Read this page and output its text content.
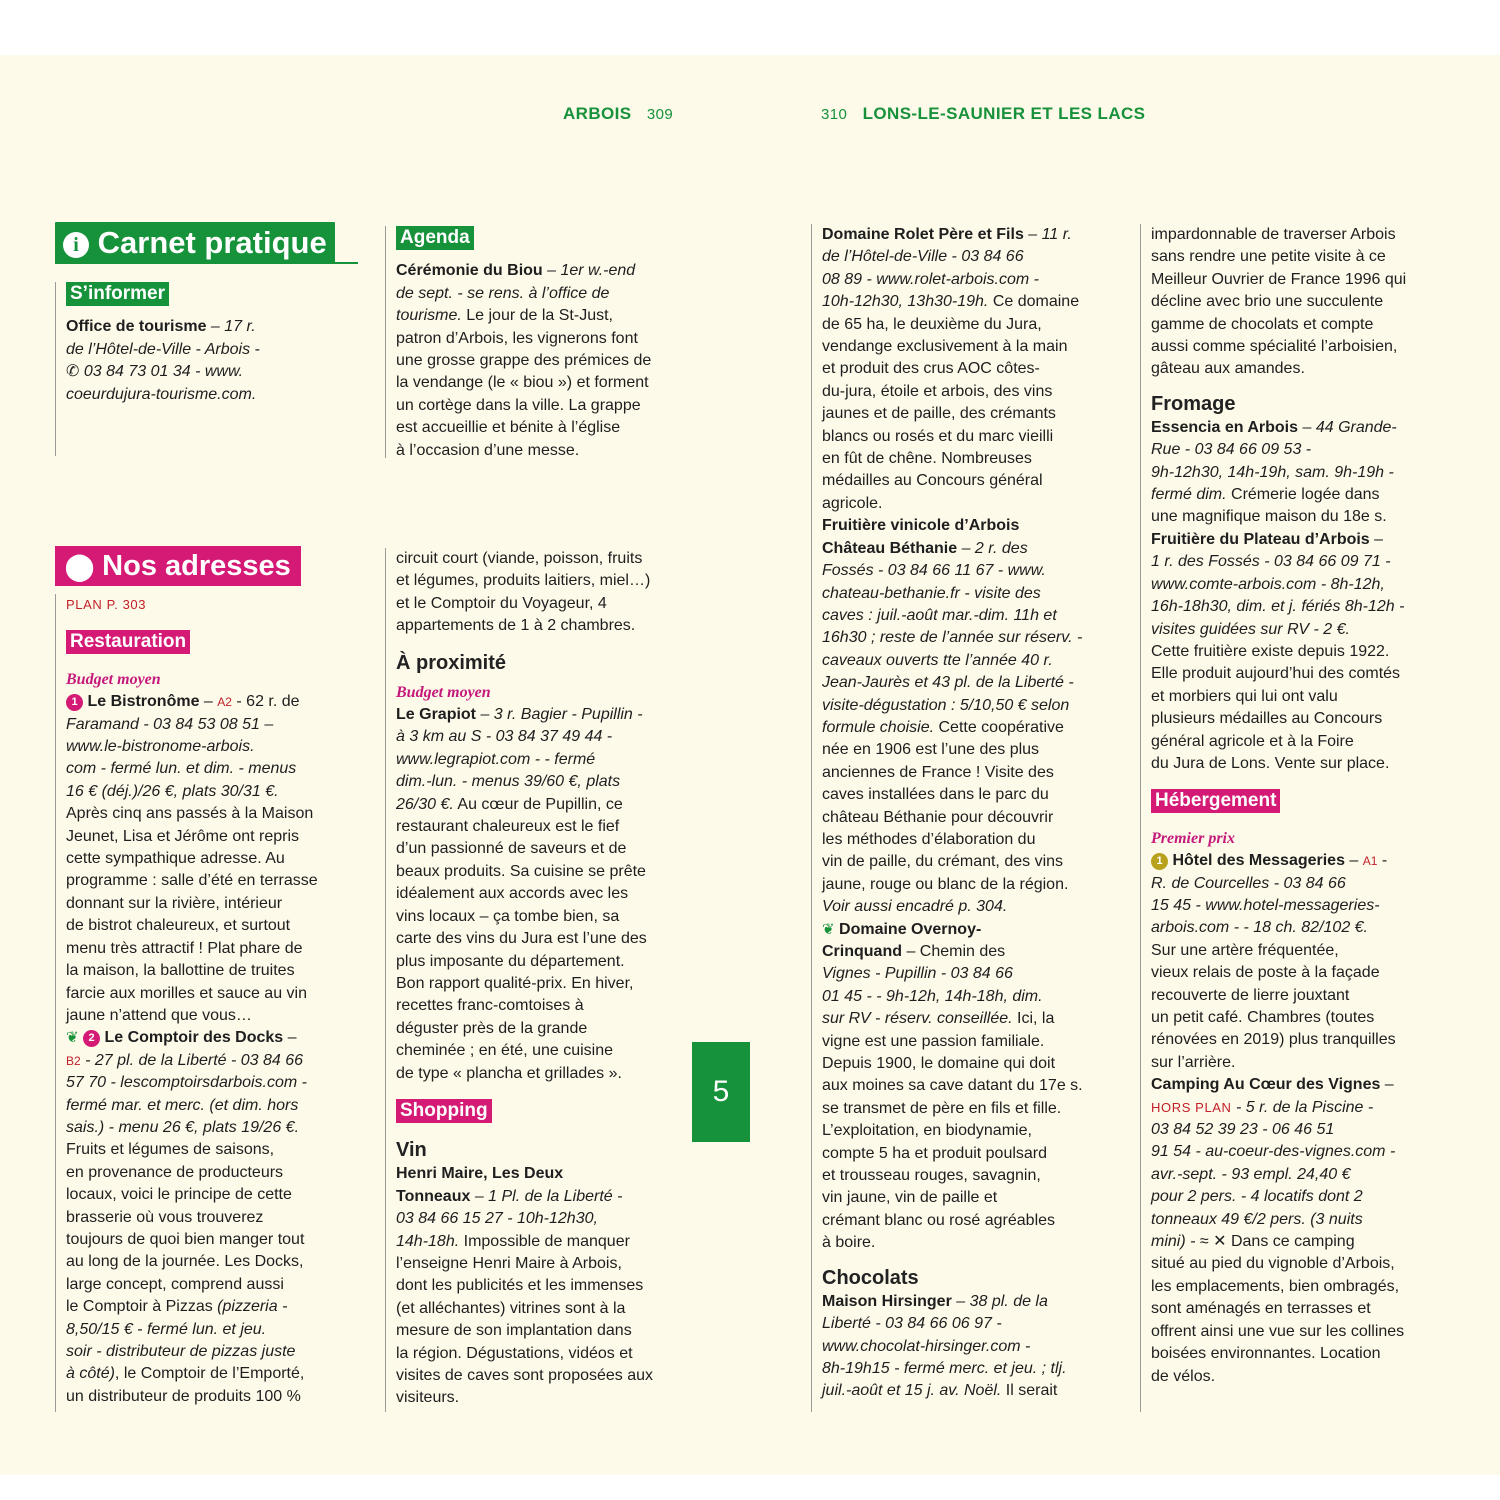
ARBOIS 309	310 LONS-LE-SAUNIER ET LES LACS
i Carnet pratique
S’informer

Office de tourisme – 17 r.

de l’Hôtel-de-Ville - Arbois -

✆ 03 84 73 01 34 - www.

coeurdujura-tourisme.com.

Agenda

Cérémonie du Biou – 1er w.-end

de sept. - se rens. à l’office de

tourisme. Le jour de la St-Just,

patron d’Arbois, les vignerons font

une grosse grappe des prémices de

la vendange (le « biou ») et forment

un cortège dans la ville. La grappe

est accueillie et bénite à l’église

à l’occasion d’une messe.

⬤ Nos adresses

PLAN P. 303

Restauration

Budget moyen

1 Le Bistronôme – A2 - 62 r. de

Faramand - 03 84 53 08 51 –

www.le-bistronome-arbois.

com - fermé lun. et dim. - menus

16 € (déj.)/26 €, plats 30/31 €.

Après cinq ans passés à la Maison

Jeunet, Lisa et Jérôme ont repris

cette sympathique adresse. Au

programme : salle d’été en terrasse

donnant sur la rivière, intérieur

de bistrot chaleureux, et surtout

menu très attractif ! Plat phare de

la maison, la ballottine de truites

farcie aux morilles et sauce au vin

jaune n’attend que vous…

❦ 2 Le Comptoir des Docks –

B2 - 27 pl. de la Liberté - 03 84 66

57 70 - lescomptoirsdarbois.com -

fermé mar. et merc. (et dim. hors

sais.) - menu 26 €, plats 19/26 €.

Fruits et légumes de saisons,

en provenance de producteurs

locaux, voici le principe de cette

brasserie où vous trouverez

toujours de quoi bien manger tout

au long de la journée. Les Docks,

large concept, comprend aussi

le Comptoir à Pizzas (pizzeria -

8,50/15 € - fermé lun. et jeu.

soir - distributeur de pizzas juste

à côté), le Comptoir de l’Emporté,

un distributeur de produits 100 %

circuit court (viande, poisson, fruits

et légumes, produits laitiers, miel…)

et le Comptoir du Voyageur, 4

appartements de 1 à 2 chambres.

À proximité

Budget moyen

Le Grapiot – 3 r. Bagier - Pupillin -

à 3 km au S - 03 84 37 49 44 -

www.legrapiot.com - - fermé

dim.-lun. - menus 39/60 €, plats

26/30 €. Au cœur de Pupillin, ce

restaurant chaleureux est le fief

d’un passionné de saveurs et de

beaux produits. Sa cuisine se prête

idéalement aux accords avec les

vins locaux – ça tombe bien, sa

carte des vins du Jura est l’une des

plus imposante du département.

Bon rapport qualité-prix. En hiver,

recettes franc-comtoises à

déguster près de la grande

cheminée ; en été, une cuisine

de type « plancha et grillades ».

Shopping

Vin

Henri Maire, Les Deux

Tonneaux – 1 Pl. de la Liberté -

03 84 66 15 27 - 10h-12h30,

14h-18h. Impossible de manquer

l’enseigne Henri Maire à Arbois,

dont les publicités et les immenses

(et alléchantes) vitrines sont à la

mesure de son implantation dans

la région. Dégustations, vidéos et

visites de caves sont proposées aux

visiteurs.

5

Domaine Rolet Père et Fils – 11 r.

de l’Hôtel-de-Ville - 03 84 66

08 89 - www.rolet-arbois.com -

10h-12h30, 13h30-19h. Ce domaine

de 65 ha, le deuxième du Jura,

vendange exclusivement à la main

et produit des crus AOC côtes-

du-jura, étoile et arbois, des vins

jaunes et de paille, des crémants

blancs ou rosés et du marc vieilli

en fût de chêne. Nombreuses

médailles au Concours général

agricole.

Fruitière vinicole d’Arbois

Château Béthanie – 2 r. des

Fossés - 03 84 66 11 67 - www.

chateau-bethanie.fr - visite des

caves : juil.-août mar.-dim. 11h et

16h30 ; reste de l’année sur réserv. -

caveaux ouverts tte l’année 40 r.

Jean-Jaurès et 43 pl. de la Liberté -

visite-dégustation : 5/10,50 € selon

formule choisie. Cette coopérative

née en 1906 est l’une des plus

anciennes de France ! Visite des

caves installées dans le parc du

château Béthanie pour découvrir

les méthodes d’élaboration du

vin de paille, du crémant, des vins

jaune, rouge ou blanc de la région.

Voir aussi encadré p. 304.

❦ Domaine Overnoy-

Crinquand – Chemin des

Vignes - Pupillin - 03 84 66

01 45 - - 9h-12h, 14h-18h, dim.

sur RV - réserv. conseillée. Ici, la

vigne est une passion familiale.

Depuis 1900, le domaine qui doit

aux moines sa cave datant du 17e s.

se transmet de père en fils et fille.

L’exploitation, en biodynamie,

compte 5 ha et produit poulsard

et trousseau rouges, savagnin,

vin jaune, vin de paille et

crémant blanc ou rosé agréables

à boire.

Chocolats

Maison Hirsinger – 38 pl. de la

Liberté - 03 84 66 06 97 -

www.chocolat-hirsinger.com -

8h-19h15 - fermé merc. et jeu. ; tlj.

juil.-août et 15 j. av. Noël. Il serait

impardonnable de traverser Arbois

sans rendre une petite visite à ce

Meilleur Ouvrier de France 1996 qui

décline avec brio une succulente

gamme de chocolats et compte

aussi comme spécialité l’arboisien,

gâteau aux amandes.

Fromage

Essencia en Arbois – 44 Grande-

Rue - 03 84 66 09 53 -

9h-12h30, 14h-19h, sam. 9h-19h -

fermé dim. Crémerie logée dans

une magnifique maison du 18e s.

Fruitière du Plateau d’Arbois –

1 r. des Fossés - 03 84 66 09 71 -

www.comte-arbois.com - 8h-12h,

16h-18h30, dim. et j. fériés 8h-12h -

visites guidées sur RV - 2 €.

Cette fruitière existe depuis 1922.

Elle produit aujourd’hui des comtés

et morbiers qui lui ont valu

plusieurs médailles au Concours

général agricole et à la Foire

du Jura de Lons. Vente sur place.

Hébergement

Premier prix

1 Hôtel des Messageries – A1 -

R. de Courcelles - 03 84 66

15 45 - www.hotel-messageries-

arbois.com - - 18 ch. 82/102 €.

Sur une artère fréquentée,

vieux relais de poste à la façade

recouverte de lierre jouxtant

un petit café. Chambres (toutes

rénovées en 2019) plus tranquilles

sur l’arrière.

Camping Au Cœur des Vignes –

HORS PLAN - 5 r. de la Piscine -

03 84 52 39 23 - 06 46 51

91 54 - au-coeur-des-vignes.com -

avr.-sept. - 93 empl. 24,40 €

pour 2 pers. - 4 locatifs dont 2

tonneaux 49 €/2 pers. (3 nuits

mini) - ≈ ✕ Dans ce camping

situé au pied du vignoble d’Arbois,

les emplacements, bien ombragés,

sont aménagés en terrasses et

offrent ainsi une vue sur les collines

boisées environnantes. Location

de vélos.
